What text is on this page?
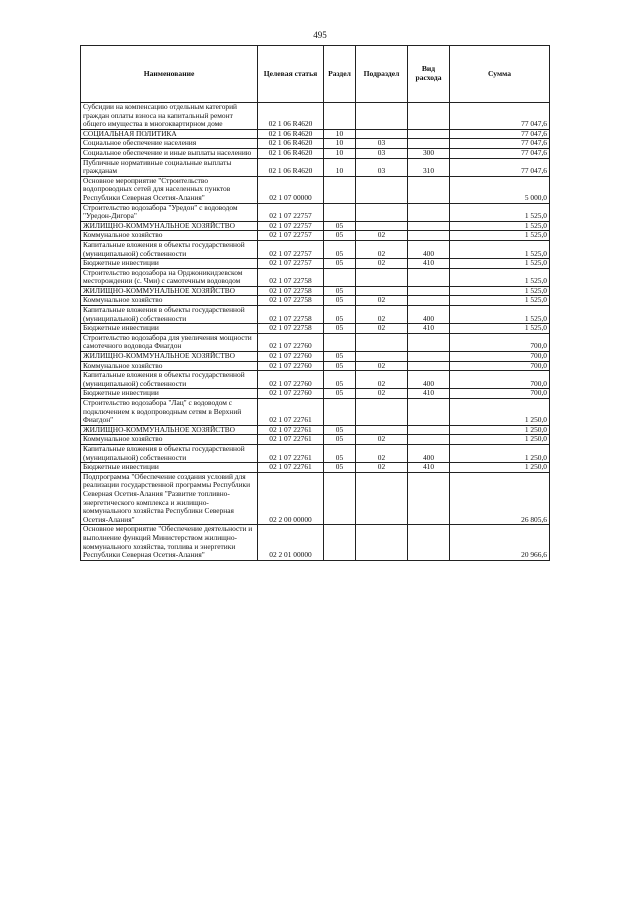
495
Наименование	Целевая статья	Раздел	Подраздел	Вид расхода	Сумма
Субсидии на компенсацию отдельным категорий граждан оплаты взноса на капитальный ремонт общего имущества в многоквартирном доме	02 1 06 R4620				77 047,6
СОЦИАЛЬНАЯ ПОЛИТИКА	02 1 06 R4620	10			77 047,6
Социальное обеспечение населения	02 1 06 R4620	10	03		77 047,6
Социальное обеспечение и иные выплаты населению	02 1 06 R4620	10	03	300	77 047,6
Публичные нормативные социальные выплаты гражданам	02 1 06 R4620	10	03	310	77 047,6
Основное мероприятие "Строительство водопроводных сетей для населенных пунктов Республики Северная Осетия-Алания"	02 1 07 00000				5 000,0
Строительство водозабора "Уредон" с водоводом "Уредон-Дигора"	02 1 07 22757				1 525,0
ЖИЛИЩНО-КОММУНАЛЬНОЕ ХОЗЯЙСТВО	02 1 07 22757	05			1 525,0
Коммунальное хозяйство	02 1 07 22757	05	02		1 525,0
Капитальные вложения в объекты государственной (муниципальной) собственности	02 1 07 22757	05	02	400	1 525,0
Бюджетные инвестиции	02 1 07 22757	05	02	410	1 525,0
Строительство водозабора на Орджоникидзевском месторождении (с. Чми) с самотечным водоводом	02 1 07 22758				1 525,0
ЖИЛИЩНО-КОММУНАЛЬНОЕ ХОЗЯЙСТВО	02 1 07 22758	05			1 525,0
Коммунальное хозяйство	02 1 07 22758	05	02		1 525,0
Капитальные вложения в объекты государственной (муниципальной) собственности	02 1 07 22758	05	02	400	1 525,0
Бюджетные инвестиции	02 1 07 22758	05	02	410	1 525,0
Строительство водозабора для увеличения мощности самотечного водовода Фиагдон	02 1 07 22760				700,0
ЖИЛИЩНО-КОММУНАЛЬНОЕ ХОЗЯЙСТВО	02 1 07 22760	05			700,0
Коммунальное хозяйство	02 1 07 22760	05	02		700,0
Капитальные вложения в объекты государственной (муниципальной) собственности	02 1 07 22760	05	02	400	700,0
Бюджетные инвестиции	02 1 07 22760	05	02	410	700,0
Строительство водозабора "Лац" с водоводом с подключением к водопроводным сетям в Верхний Фиагдон"	02 1 07 22761				1 250,0
ЖИЛИЩНО-КОММУНАЛЬНОЕ ХОЗЯЙСТВО	02 1 07 22761	05			1 250,0
Коммунальное хозяйство	02 1 07 22761	05	02		1 250,0
Капитальные вложения в объекты государственной (муниципальной) собственности	02 1 07 22761	05	02	400	1 250,0
Бюджетные инвестиции	02 1 07 22761	05	02	410	1 250,0
Подпрограмма "Обеспечение создания условий для реализации государственной программы Республики Северная Осетия-Алания "Развитие топливно-энергетического комплекса и жилищно-коммунального хозяйства Республики Северная Осетия-Алания"	02 2 00 00000				26 805,6
Основное мероприятие "Обеспечение деятельности и выполнение функций Министерством жилищно-коммунального хозяйства, топлива и энергетики Республики Северная Осетия-Алания"	02 2 01 00000				20 966,6
